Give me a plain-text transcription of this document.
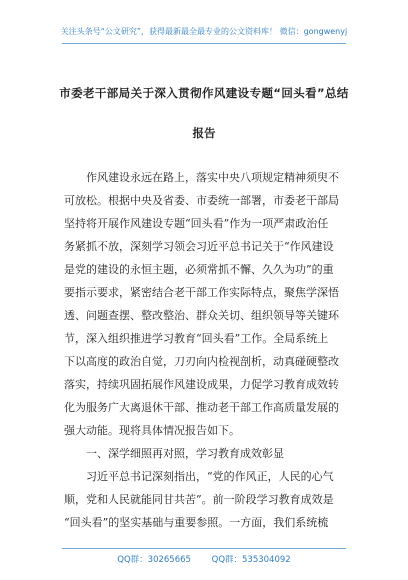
关注头条号“公文研究”，获得最新最全最专业的公文资料库！ 微信：gongwenyj
市委老干部局关于深入贯彻作风建设专题“回头看”总结
报告
　　作风建设永远在路上，落实中央八项规定精神须臾不
可放松。根据中央及省委、市委统一部署，市委老干部局
坚持将开展作风建设专题“回头看”作为一项严肃政治任
务紧抓不放，深刻学习领会习近平总书记关于“作风建设
是党的建设的永恒主题，必须常抓不懈、久久为功”的重
要指示要求，紧密结合老干部工作实际特点，聚焦学深悟
透、问题查摆、整改整治、群众关切、组织领导等关键环
节，深入组织推进学习教育“回头看”工作。全局系统上
下以高度的政治自觉，刀刃向内检视剖析，动真碰硬整改
落实，持续巩固拓展作风建设成果，力促学习教育成效转
化为服务广大离退休干部、推动老干部工作高质量发展的
强大动能。现将具体情况报告如下。
　　一、深学细照再对照，学习教育成效彰显
　　习近平总书记深刻指出，“党的作风正，人民的心气
顺，党和人民就能同甘共苦”。前一阶段学习教育成效是
“回头看”的坚实基础与重要参照。一方面，我们系统梳
QQ群：30265665 QQ群：535304092
